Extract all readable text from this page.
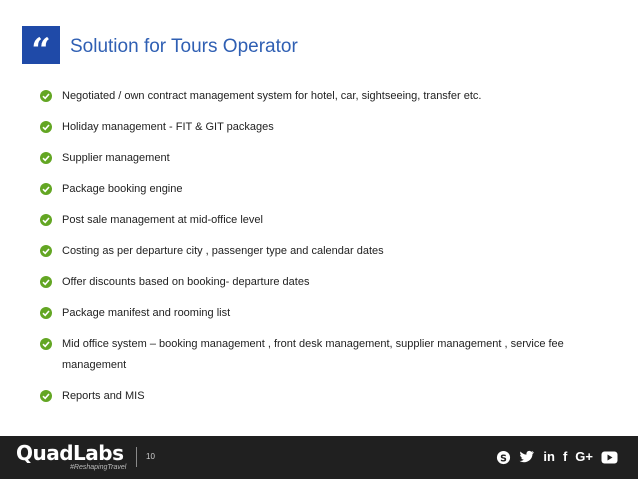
“	Solution for Tours Operator
Negotiated / own contract management system for hotel, car, sightseeing, transfer etc.
Holiday management - FIT & GIT packages
Supplier management
Package booking engine
Post sale management at mid-office level
Costing as per departure city , passenger type and calendar dates
Offer discounts based on booking- departure dates
Package manifest and rooming list
Mid office system – booking management , front desk management, supplier management , service fee management
Reports and MIS
QuadLabs
#ReshapingTravel
10	S	in f G+
